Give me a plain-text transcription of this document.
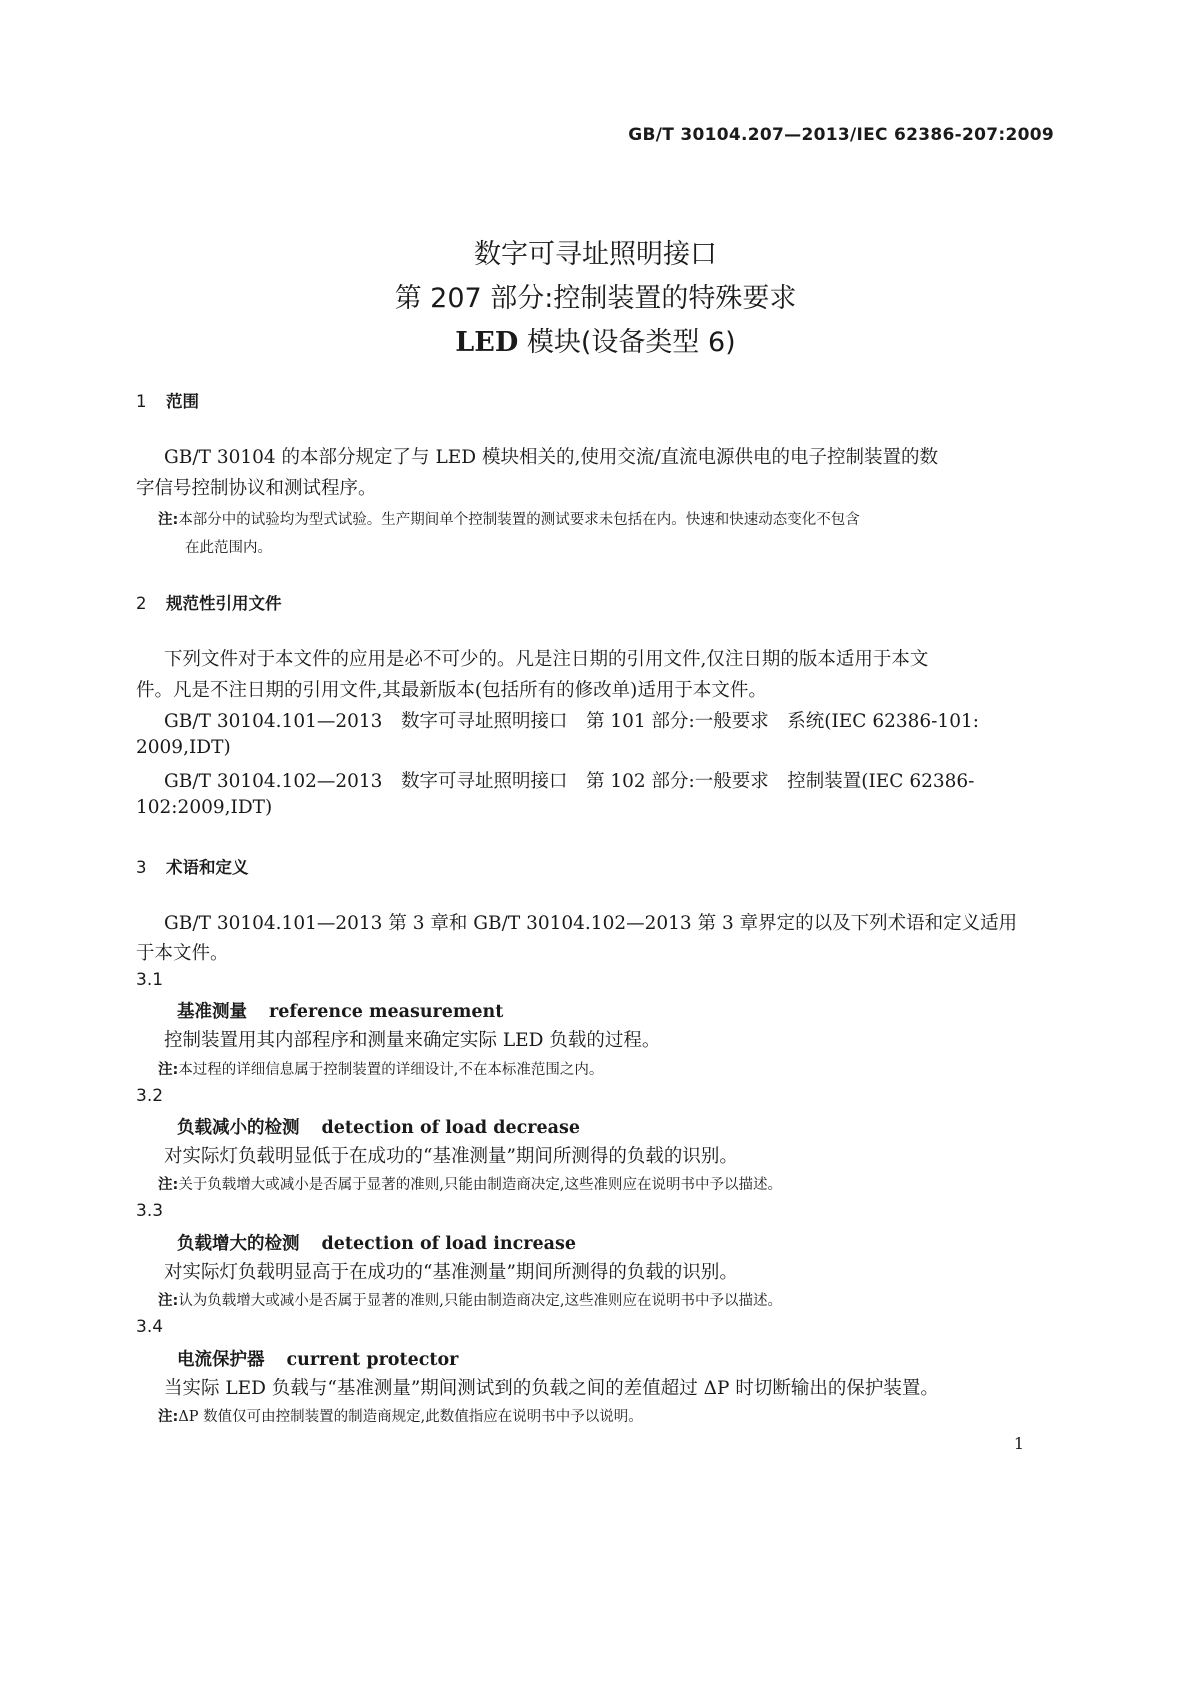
GB/T 30104.207—2013/IEC 62386-207:2009
数字可寻址照明接口
第 207 部分:控制装置的特殊要求
LED 模块(设备类型 6)
1 范围
GB/T 30104 的本部分规定了与 LED 模块相关的,使用交流/直流电源供电的电子控制装置的数
字信号控制协议和测试程序。
注:本部分中的试验均为型式试验。生产期间单个控制装置的测试要求未包括在内。快速和快速动态变化不包含
在此范围内。
2 规范性引用文件
下列文件对于本文件的应用是必不可少的。凡是注日期的引用文件,仅注日期的版本适用于本文
件。凡是不注日期的引用文件,其最新版本(包括所有的修改单)适用于本文件。
GB/T 30104.101—2013　数字可寻址照明接口　第 101 部分:一般要求　系统(IEC 62386-101:
2009,IDT)
GB/T 30104.102—2013　数字可寻址照明接口　第 102 部分:一般要求　控制装置(IEC 62386-
102:2009,IDT)
3 术语和定义
GB/T 30104.101—2013 第 3 章和 GB/T 30104.102—2013 第 3 章界定的以及下列术语和定义适用
于本文件。
3.1
基准测量 reference measurement
控制装置用其内部程序和测量来确定实际 LED 负载的过程。
注:本过程的详细信息属于控制装置的详细设计,不在本标准范围之内。
3.2
负载减小的检测 detection of load decrease
对实际灯负载明显低于在成功的“基准测量”期间所测得的负载的识别。
注:关于负载增大或减小是否属于显著的准则,只能由制造商决定,这些准则应在说明书中予以描述。
3.3
负载增大的检测 detection of load increase
对实际灯负载明显高于在成功的“基准测量”期间所测得的负载的识别。
注:认为负载增大或减小是否属于显著的准则,只能由制造商决定,这些准则应在说明书中予以描述。
3.4
电流保护器 current protector
当实际 LED 负载与“基准测量”期间测试到的负载之间的差值超过 ΔP 时切断输出的保护装置。
注:ΔP 数值仅可由控制装置的制造商规定,此数值指应在说明书中予以说明。
1
